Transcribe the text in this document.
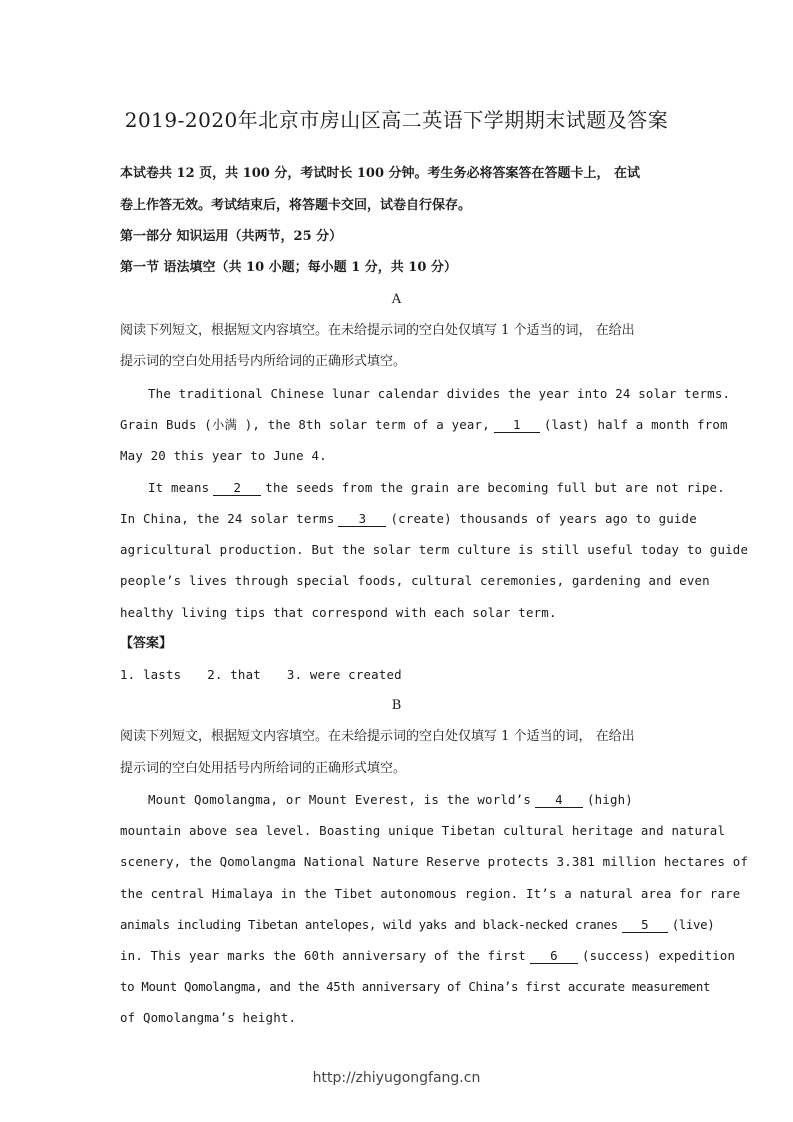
2019-2020年北京市房山区高二英语下学期期末试题及答案
本试卷共 12 页，共 100 分，考试时长 100 分钟。考生务必将答案答在答题卡上， 在试
卷上作答无效。考试结束后，将答题卡交回，试卷自行保存。
第一部分 知识运用（共两节，25 分）
第一节 语法填空（共 10 小题；每小题 1 分，共 10 分）
A
阅读下列短文，根据短文内容填空。在未给提示词的空白处仅填写 1 个适当的词， 在给出
提示词的空白处用括号内所给词的正确形式填空。
The traditional Chinese lunar calendar divides the year into 24 solar terms.
Grain Buds (小满 ), the 8th solar term of a year, 1 (last) half a month from
May 20 this year to June 4.
It means 2 the seeds from the grain are becoming full but are not ripe.
In China, the 24 solar terms 3 (create) thousands of years ago to guide
agricultural production. But the solar term culture is still useful today to guide
people’s lives through special foods, cultural ceremonies, gardening and even
healthy living tips that correspond with each solar term.
【答案】
1. lasts 2. that 3. were created
B
阅读下列短文，根据短文内容填空。在未给提示词的空白处仅填写 1 个适当的词， 在给出
提示词的空白处用括号内所给词的正确形式填空。
Mount Qomolangma, or Mount Everest, is the world’s 4 (high)
mountain above sea level. Boasting unique Tibetan cultural heritage and natural
scenery, the Qomolangma National Nature Reserve protects 3.381 million hectares of
the central Himalaya in the Tibet autonomous region. It’s a natural area for rare
animals including Tibetan antelopes, wild yaks and black-necked cranes 5 (live)
in. This year marks the 60th anniversary of the first 6 (success) expedition
to Mount Qomolangma, and the 45th anniversary of China’s first accurate measurement
of Qomolangma’s height.
http://zhiyugongfang.cn
